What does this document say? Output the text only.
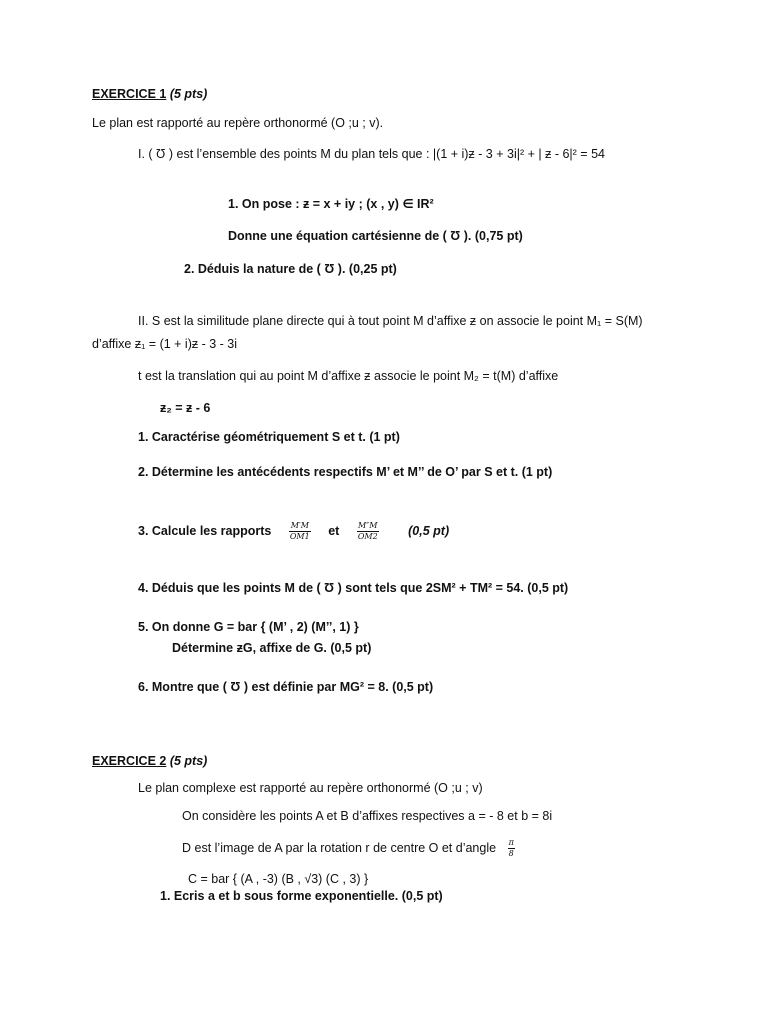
EXERCICE 1 (5 pts)
Le plan est rapporté au repère orthonormé (O ;u ; v).
I. ( Ʊ ) est l’ensemble des points M du plan tels que : |(1 + i)ƶ - 3 + 3i|² + | ƶ - 6|² = 54
1. On pose : ƶ = x + iy ; (x , y) ∈ IR²
Donne une équation cartésienne de ( Ʊ ). (0,75 pt)
2. Déduis la nature de ( Ʊ ). (0,25 pt)
II. S est la similitude plane directe qui à tout point M d’affixe ƶ on associe le point M₁ = S(M)
d’affixe ƶ₁ = (1 + i)ƶ - 3 - 3i
t est la translation qui au point M d’affixe ƶ associe le point M₂ = t(M) d’affixe
ƶ₂ = ƶ - 6
1. Caractérise géométriquement S et t. (1 pt)
2. Détermine les antécédents respectifs M’ et M’’ de O’ par S et t. (1 pt)
3. Calcule les rapports $\frac{M'M}{OM1}$ et $\frac{M''M}{OM2} (0,5$ pt)
4. Déduis que les points M de ( Ʊ ) sont tels que 2SM² + TM² = 54. (0,5 pt)
5. On donne G = bar { (M’ , 2) (M’’, 1) }
Détermine ƶG, affixe de G. (0,5 pt)
6. Montre que ( Ʊ ) est définie par MG² = 8. (0,5 pt)
EXERCICE 2 (5 pts)
Le plan complexe est rapporté au repère orthonormé (O ;u ; v)
On considère les points A et B d’affixes respectives a = - 8 et b = 8i
D est l’image de A par la rotation r de centre O et d’angle $\frac{\pi}{8}$
C = bar { (A , -3) (B , √3) (C , 3) }
1. Ecris a et b sous forme exponentielle. (0,5 pt)
